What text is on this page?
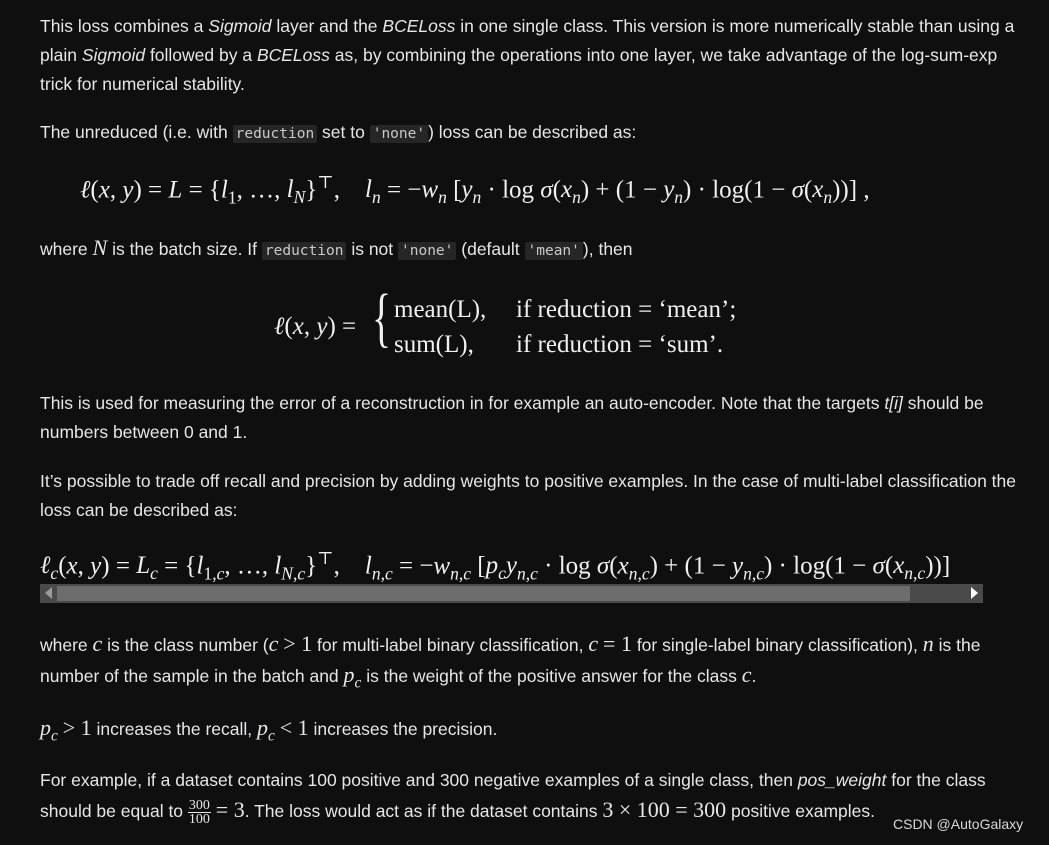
This loss combines a Sigmoid layer and the BCELoss in one single class. This version is more numerically stable than using a plain Sigmoid followed by a BCELoss as, by combining the operations into one layer, we take advantage of the log-sum-exp trick for numerical stability.

The unreduced (i.e. with reduction set to 'none' ) loss can be described as:

ℓ(x, $y) = L = \{l_1$, …, $l_N\}^⊤$,    $l_n = -w_n$ $[y_n \cdot \log \sigma(x_n) + (1 - y_n) \cdot \log(1 - \sigma(x_n))]$ ,

where N is the batch size. If reduction is not 'none' (default 'mean' ), then

ℓ(x, y) = { mean(L), if reduction = ‘mean’;
sum(L), if reduction = ‘sum’.

This is used for measuring the error of a reconstruction in for example an auto-encoder. Note that the targets t[i] should be numbers between 0 and 1.

It’s possible to trade off recall and precision by adding weights to positive examples. In the case of multi-label classification the loss can be described as:

ℓ$_c$(x, $y) = L_c = \{l_{1,c}$, …, $l_{N,c}\}^⊤$,    $l_{n,c} = -w_{n,c}$ $[p_cy_{n,c} \cdot \log \sigma(x_{n,c}) + (1 - y_{n,c}) \cdot \log(1 - \sigma(x_{n,c}))]$

where c is the class number (c > 1 for multi-label binary classification, c = 1 for single-label binary classification), n is the number of the sample in the batch and $p_c$ is the weight of the positive answer for the class c.

$p_c > 1$ increases the recall, $p_c < 1$ increases the precision.

For example, if a dataset contains 100 positive and 300 negative examples of a single class, then pos_weight for the class should be equal to $\frac{300}{100} = 3$. The loss would act as if the dataset contains 3 × 100 = 300 positive examples.

CSDN @AutoGalaxy
